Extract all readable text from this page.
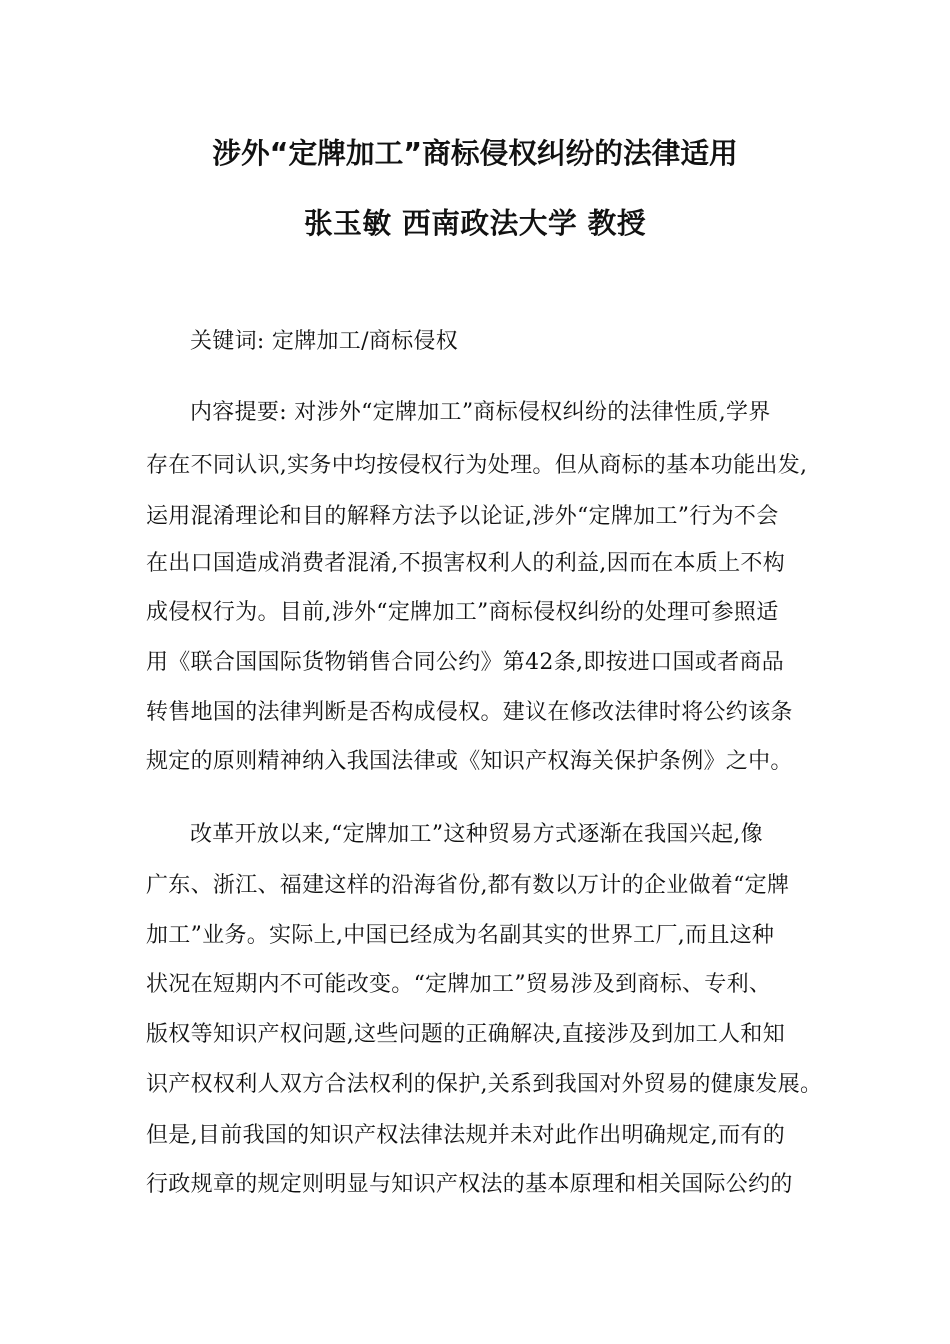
涉外“定牌加工”商标侵权纠纷的法律适用
张玉敏 西南政法大学 教授
关键词: 定牌加工/商标侵权
内容提要: 对涉外“定牌加工”商标侵权纠纷的法律性质,学界
存在不同认识,实务中均按侵权行为处理。但从商标的基本功能出发,
运用混淆理论和目的解释方法予以论证,涉外“定牌加工”行为不会
在出口国造成消费者混淆,不损害权利人的利益,因而在本质上不构
成侵权行为。目前,涉外“定牌加工”商标侵权纠纷的处理可参照适
用《联合国国际货物销售合同公约》第42条,即按进口国或者商品
转售地国的法律判断是否构成侵权。建议在修改法律时将公约该条
规定的原则精神纳入我国法律或《知识产权海关保护条例》之中。
改革开放以来,“定牌加工”这种贸易方式逐渐在我国兴起,像
广东、浙江、福建这样的沿海省份,都有数以万计的企业做着“定牌
加工”业务。实际上,中国已经成为名副其实的世界工厂,而且这种
状况在短期内不可能改变。“定牌加工”贸易涉及到商标、专利、
版权等知识产权问题,这些问题的正确解决,直接涉及到加工人和知
识产权权利人双方合法权利的保护,关系到我国对外贸易的健康发展。
但是,目前我国的知识产权法律法规并未对此作出明确规定,而有的
行政规章的规定则明显与知识产权法的基本原理和相关国际公约的
